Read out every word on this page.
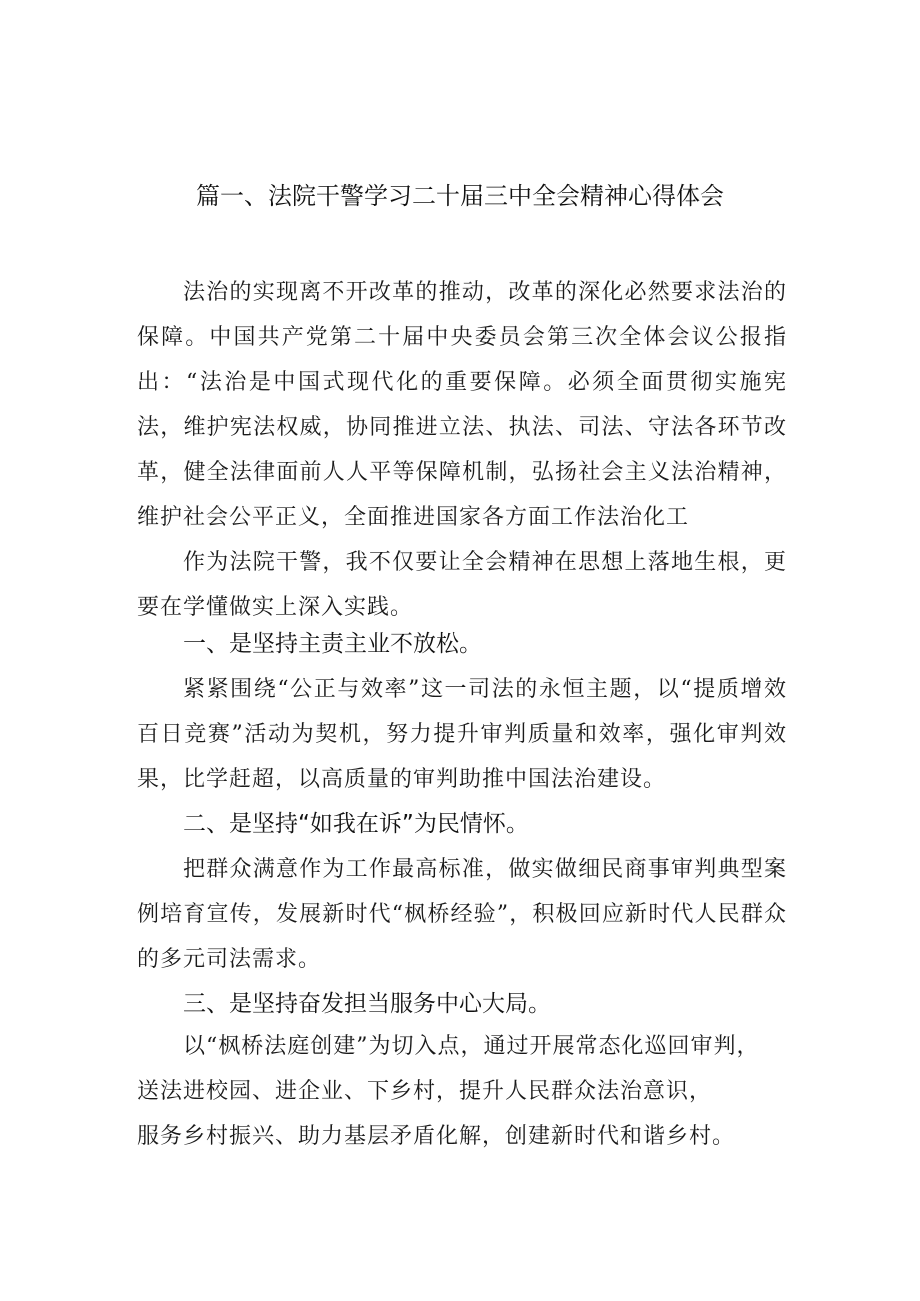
篇一、法院干警学习二十届三中全会精神心得体会

法治的实现离不开改革的推动，改革的深化必然要求法治的保障。中国共产党第二十届中央委员会第三次全体会议公报指出：“法治是中国式现代化的重要保障。必须全面贯彻实施宪法，维护宪法权威，协同推进立法、执法、司法、守法各环节改革，健全法律面前人人平等保障机制，弘扬社会主义法治精神，维护社会公平正义，全面推进国家各方面工作法治化工

作为法院干警，我不仅要让全会精神在思想上落地生根，更要在学懂做实上深入实践。

一、是坚持主责主业不放松。

紧紧围绕“公正与效率”这一司法的永恒主题，以“提质增效百日竞赛”活动为契机，努力提升审判质量和效率，强化审判效果，比学赶超，以高质量的审判助推中国法治建设。

二、是坚持“如我在诉”为民情怀。

把群众满意作为工作最高标准，做实做细民商事审判典型案例培育宣传，发展新时代“枫桥经验”，积极回应新时代人民群众的多元司法需求。

三、是坚持奋发担当服务中心大局。
以“枫桥法庭创建”为切入点，通过开展常态化巡回审判，
送法进校园、进企业、下乡村，提升人民群众法治意识，
服务乡村振兴、助力基层矛盾化解，创建新时代和谐乡村。
